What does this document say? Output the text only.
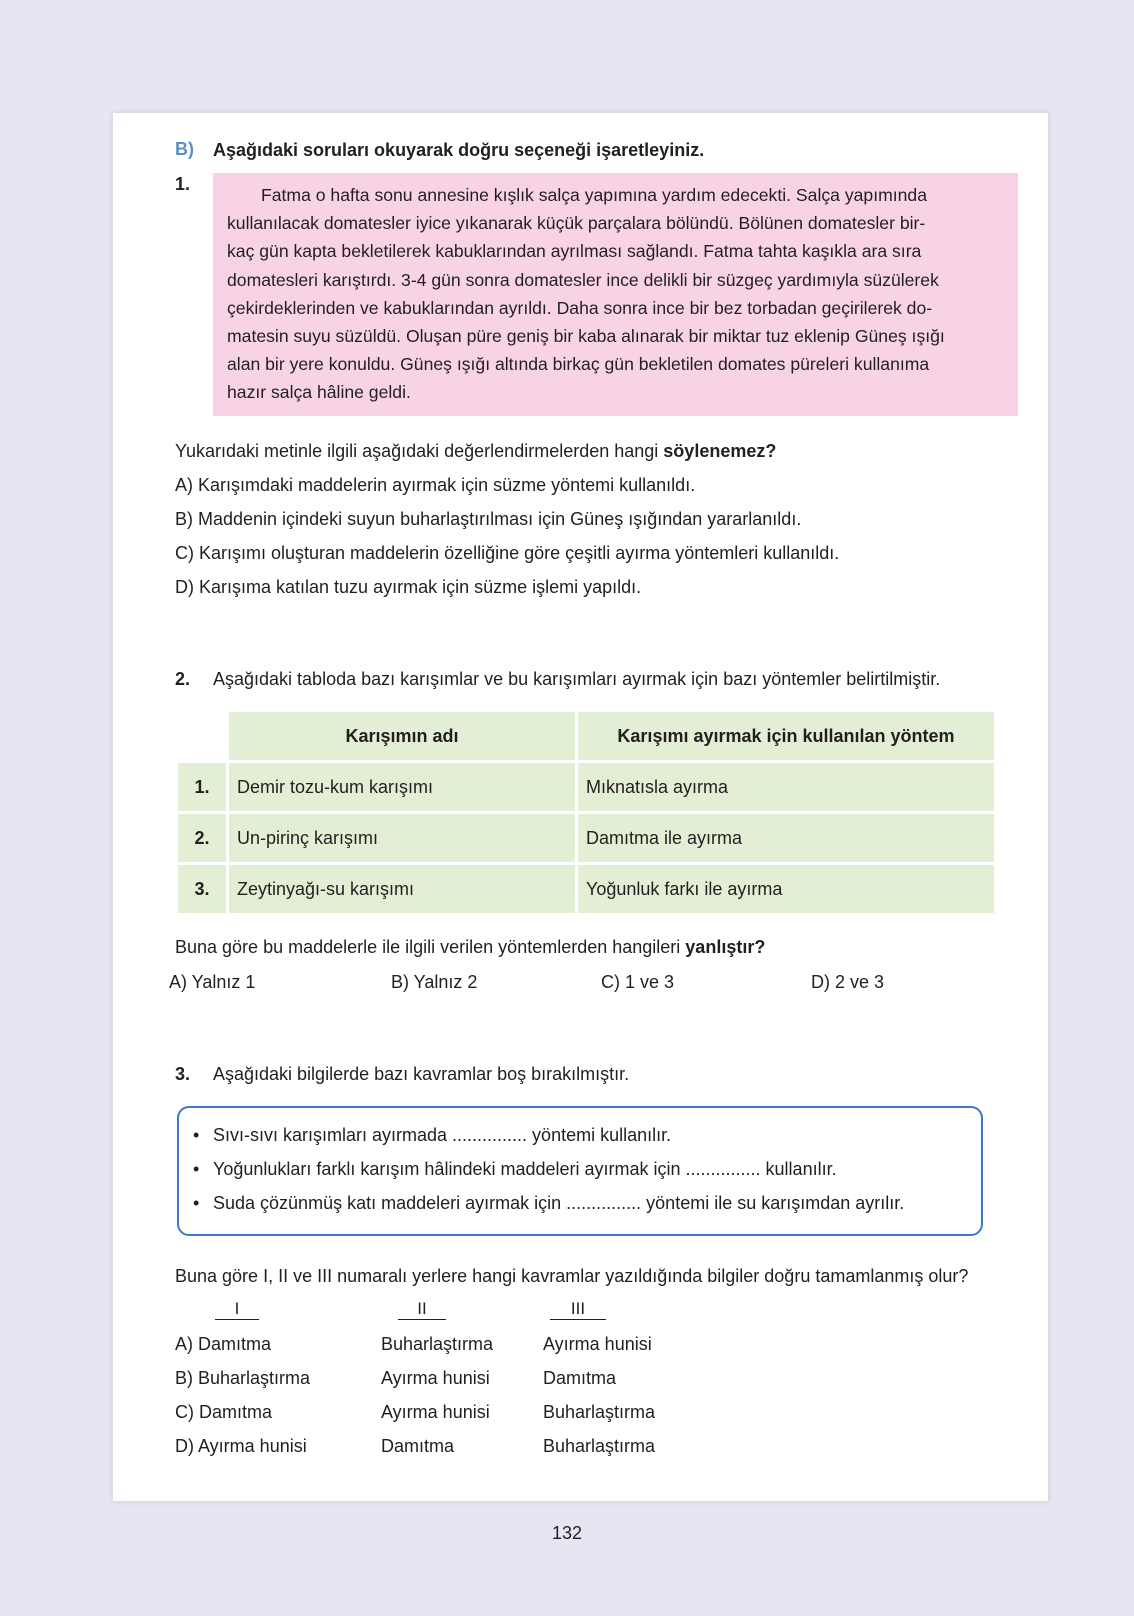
B) Aşağıdaki soruları okuyarak doğru seçeneği işaretleyiniz.
1.
Fatma o hafta sonu annesine kışlık salça yapımına yardım edecekti. Salça yapımında
kullanılacak domatesler iyice yıkanarak küçük parçalara bölündü. Bölünen domatesler bir-
kaç gün kapta bekletilerek kabuklarından ayrılması sağlandı. Fatma tahta kaşıkla ara sıra
domatesleri karıştırdı. 3-4 gün sonra domatesler ince delikli bir süzgeç yardımıyla süzülerek
çekirdeklerinden ve kabuklarından ayrıldı. Daha sonra ince bir bez torbadan geçirilerek do-
matesin suyu süzüldü. Oluşan püre geniş bir kaba alınarak bir miktar tuz eklenip Güneş ışığı
alan bir yere konuldu. Güneş ışığı altında birkaç gün bekletilen domates püreleri kullanıma
hazır salça hâline geldi.
Yukarıdaki metinle ilgili aşağıdaki değerlendirmelerden hangi söylenemez?
A) Karışımdaki maddelerin ayırmak için süzme yöntemi kullanıldı.
B) Maddenin içindeki suyun buharlaştırılması için Güneş ışığından yararlanıldı.
C) Karışımı oluşturan maddelerin özelliğine göre çeşitli ayırma yöntemleri kullanıldı.
D) Karışıma katılan tuzu ayırmak için süzme işlemi yapıldı.
2. Aşağıdaki tabloda bazı karışımlar ve bu karışımları ayırmak için bazı yöntemler belirtilmiştir.
	Karışımın adı	Karışımı ayırmak için kullanılan yöntem
1.	Demir tozu-kum karışımı	Mıknatısla ayırma
2.	Un-pirinç karışımı	Damıtma ile ayırma
3.	Zeytinyağı-su karışımı	Yoğunluk farkı ile ayırma
Buna göre bu maddelerle ile ilgili verilen yöntemlerden hangileri yanlıştır?
A) Yalnız 1	B) Yalnız 2	C) 1 ve 3	D) 2 ve 3
3. Aşağıdaki bilgilerde bazı kavramlar boş bırakılmıştır.
• Sıvı-sıvı karışımları ayırmada ............... yöntemi kullanılır.
• Yoğunlukları farklı karışım hâlindeki maddeleri ayırmak için ............... kullanılır.
• Suda çözünmüş katı maddeleri ayırmak için ............... yöntemi ile su karışımdan ayrılır.
Buna göre I, II ve III numaralı yerlere hangi kavramlar yazıldığında bilgiler doğru tamamlanmış olur?
I	II	III
A) Damıtma	Buharlaştırma	Ayırma hunisi
B) Buharlaştırma	Ayırma hunisi	Damıtma
C) Damıtma	Ayırma hunisi	Buharlaştırma
D) Ayırma hunisi	Damıtma	Buharlaştırma
132
